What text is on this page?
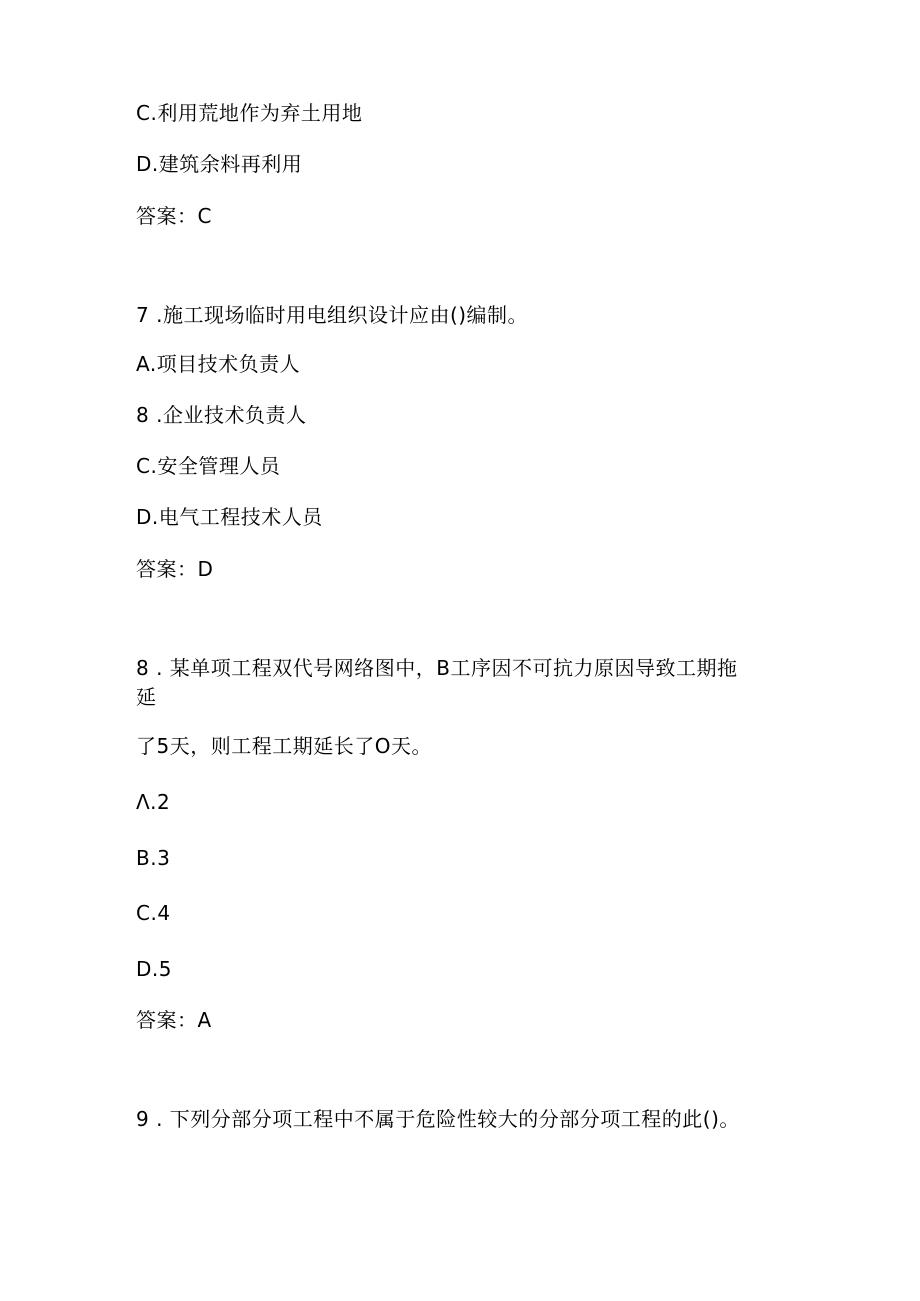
C.利用荒地作为弃土用地
D.建筑余料再利用
答案：C
7 .施工现场临时用电组织设计应由()编制。
A.项目技术负责人
8 .企业技术负责人
C.安全管理人员
D.电气工程技术人员
答案：D
8 . 某单项工程双代号网络图中，B工序因不可抗力原因导致工期拖
延
了5天，则工程工期延长了O天。
Λ.2
B.3
C.4
D.5
答案：A
9 . 下列分部分项工程中不属于危险性较大的分部分项工程的此()。
